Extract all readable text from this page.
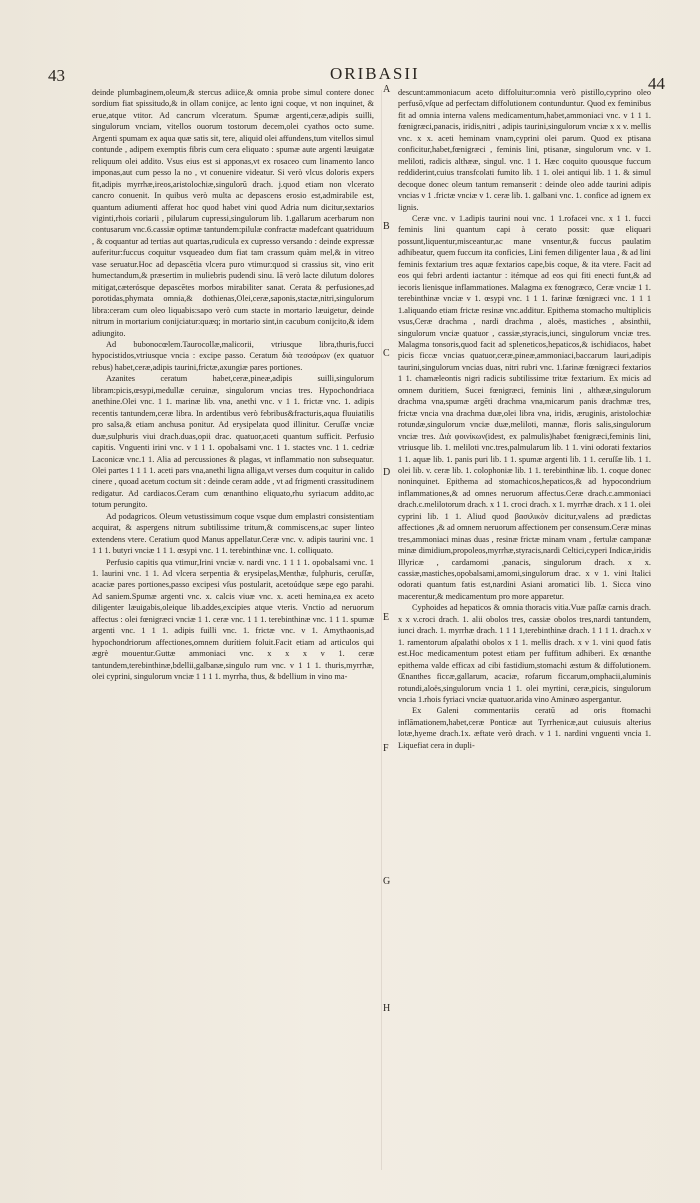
43	ORIBASII
44

deinde plumbaginem,oleum,& stercus adiice,& omnia probe simul contere donec sordium fiat spissitudo,& in ollam conijce, ac lento igni coque, vt non inquinet, & erue,atque vtitor. Ad cancrum vlceratum. Spumæ argenti,ceræ,adipis suilli, singulorum vnciam, vitellos ouorum tostorum decem,olei cyathos octo sume. Argenti spumam ex aqua quæ satis sit, tere, aliquid olei affundens,tum vitellos simul contunde , adipem exemptis fibris cum cera eliquato : spumæ aute argenti læuigatæ reliquum olei addito. Vsus eius est si apponas,vt ex rosaceo cum linamento lanco imponas,aut cum pesso la no , vt conuenire videatur. Si verò vlcus doloris expers fit,adipis myrrhæ,ireos,aristolochiæ,singulorū drach. j.quod etiam non vlcerato cancro conuenit. In quibus verò multa ac depascens erosio est,admirabile est, quantum adiumenti afferat hoc quod habet vini quod Adria num dicitur,sextarios viginti,rhois coriarii , pilularum cupressi,singulorum lib. 1.gallarum acerbarum non contusarum vnc.6.cassiæ optimæ tantundem:pilulæ confractæ madefcant quatriduum , & coquantur ad tertias aut quartas,rudicula ex cupresso versando : deinde expressæ auferitur:fuccus coquitur vsqueadeo dum fiat tam crassum quàm mel,& in vitreo vase seruatur.Hoc ad depascētia vlcera puro vtimur:quod si crassius sit, vino erit humectandum,& præsertim in muliebris pudendi sinu. Iā verò lacte dilutum dolores mitigat,cæterósque depascētes morbos mirabiliter sanat. Cerata & perfusiones,ad porotidas,phymata omnia,& dothienas,Olei,ceræ,saponis,stactæ,nitri,singulorum libra:ceram cum oleo liquabis:sapo verò cum stacte in mortario læuigetur, deinde nitrum in mortarium conijciatur:quæq; in mortario sint,in cacubum conijcito,& idem adiungito.

Ad bubonocœlem.Taurocollæ,malicorii, vtriusque libra,thuris,fucci hypocistidos,vtriusque vncia : excipe passo. Ceratum διὰ τεσσάρων (ex quatuor rebus) habet,ceræ,adipis taurini,frictæ,axungiæ pares portiones.

Azanites ceratum habet,ceræ,pineæ,adipis suilli,singulorum libram:picis,œsypi,medullæ ceruinæ, singulorum vncias tres. Hypochondriaca anethine.Olei vnc. 1 1. marinæ lib. vna, anethi vnc. v 1 1. frictæ vnc. 1. adipis recentis tantundem,ceræ libra. In ardentibus verò febribus&fracturis,aqua fluuiatilis pro salsa,& etiam anchusa ponitur. Ad erysipelata quod illinitur. Ceruſſæ vnciæ duæ,sulphuris viui drach.duas,opii drac. quatuor,aceti quantum sufficit. Perfusio capitis. Vnguenti irini vnc. v 1 1 1. opobalsami vnc. 1 1. stactes vnc. 1 1. cedriæ Laconicæ vnc.1 1. Alia ad percussiones & plagas, vt inflammatio non subsequatur. Olei partes 1 1 1 1. aceti pars vna,anethi ligna alliga,vt verses dum coquitur in calido cinere , quoad acetum coctum sit : deinde ceram adde , vt ad frigmenti crassitudinem redigatur. Ad cardiacos.Ceram cum œnanthino eliquato,rhu syriacum addito,ac totum perungito.

Ad podagricos. Oleum vetustissimum coque vsque dum emplastri consistentiam acquirat, & aspergens nitrum subtilissime tritum,& commiscens,ac super linteo extendens vtere. Ceratium quod Manus appellatur.Ceræ vnc. v. adipis taurini vnc. 1 1 1 1. butyri vnciæ 1 1 1. œsypi vnc. 1 1. terebinthinæ vnc. 1. colliquato.

Perfusio capitis qua vtimur,Irini vnciæ v. nardi vnc. 1 1 1 1. opobalsami vnc. 1 1. laurini vnc. 1 1. Ad vlcera serpentia & erysipelas,Menthæ, fulphuris, ceruſſæ, acaciæ pares portiones,passo excipesi vſus postularit, acetoúdque sæpe ego parahi. Ad saniem.Spumæ argenti vnc. x. calcis viuæ vnc. x. aceti hemina,ea ex aceto diligenter læuigabis,oleique lib.addes,excipies atque vteris. Vnctio ad neruorum affectus : olei fœnigræci vnciæ 1 1. ceræ vnc. 1 1 1. terebinthinæ vnc. 1 1 1. spumæ argenti vnc. 1 1 1. adipis fuilli vnc. 1. frictæ vnc. v 1. Amythaonis,ad hypochondriorum affectiones,omnem durítiem foluit.Facit etiam ad articulos qui ægrè mouentur.Guttæ ammoniaci vnc. x x x v 1. ceræ tantundem,terebinthinæ,bdellii,galbanæ,singulo rum vnc. v 1 1 1. thuris,myrrhæ, olei cyprini, singulorum vnciæ 1 1 1 1. myrrha, thus, & bdellium in vino ma-

A
B
C
D
E
F
G
H

descunt:ammoniacum aceto diffoluitur:omnia verò pistillo,cyprino oleo perfusō,vſque ad perfectam diffolutionem contunduntur. Quod ex feminibus fit ad omnia interna valens medicamentum,habet,ammoniaci vnc. v 1 1 1. fœnigræci,panacis, iridis,nitri , adipis taurini,singulorum vnciæ x x v. mellis vnc. x x. aceti heminam vnam,cyprini olei parum. Quod ex ptisana conficitur,habet,fœnigræci , feminis lini, ptisanæ, singulorum vnc. v 1. meliloti, radicis althææ, singul. vnc. 1 1. Hæc coquito quousque fuccum reddiderint,cuius transfcolati fumito lib. 1 1. olei antiqui lib. 1 1. & simul decoque donec oleum tantum remanserit : deinde oleo adde taurini adipis vncias v 1 .frictæ vnciæ v 1. ceræ lib. 1. galbani vnc. 1. confice ad ignem ex lignis.

Ceræ vnc. v 1.adipis taurini noui vnc. 1 1.rofacei vnc. x 1 1. fucci feminis lini quantum capi à cerato possit: quæ eliquari possunt,liquentur,misceantur,ac mane vnsentur,& fuccus paulatim adhibeatur, quem fuccum ita conficies, Lini femen diligenter laua , & ad lini feminis fextarium tres aquæ fextarios cape,bis coque, & ita vtere. Facit ad eos qui febri ardenti iactantur : itémque ad eos qui fiti enecti funt,& ad iecoris lienisque inflammationes. Malagma ex fœnogræco, Ceræ vnciæ 1 1. terebinthinæ vnciæ v 1. œsypi vnc. 1 1 1. farinæ fœnigræci vnc. 1 1 1 1.aliquando etiam frictæ resinæ vnc.additur. Epithema stomacho multiplicis vsus,Ceræ drachma , nardi drachma , aloës, mastiches , absinthii, singulorum vnciæ quatuor , cassiæ,styracis,iunci, singulorum vnciæ tres. Malagma tonsoris,quod facit ad spleneticos,hepaticos,& ischidiacos, habet picis ficcæ vncias quatuor,ceræ,pineæ,ammoniaci,baccarum lauri,adipis taurini,singulorum vncias duas, nitri rubri vnc. 1.farinæ fœnigræci fextarios 1 1. chamæleontis nigri radicis subtilissime tritæ fextarium. Ex micis ad omnem duritiem, Sucei fœnigræci, feminis lini , althææ,singulorum drachma vna,spumæ argēti drachma vna,micarum panis drachmæ tres, frictæ vncia vna drachma duæ,olei libra vna, iridis, æruginis, aristolochiæ rotundæ,singulorum vnciæ duæ,meliloti, mannæ, floris salis,singulorum vnciæ tres. Διὰ φοινίκων(idest, ex palmulis)habet fœnigræci,feminis lini, vtriusque lib. 1. meliloti vnc.tres,palmularum lib. 1 1. vini odorati fextarios 1 1. aquæ lib. 1. panis puri lib. 1 1. spumæ argenti lib. 1 1. ceruſſæ lib. 1 1. olei lib. v. ceræ lib. 1. colophoniæ lib. 1 1. terebinthinæ lib. 1. coque donec noninquinet. Epithema ad stomachicos,hepaticos,& ad hypocondrium inflammationes,& ad omnes neruorum affectus.Ceræ drach.c.ammoniaci drach.c.melilotorum drach. x 1 1. croci drach. x 1. myrrhæ drach. x 1 1. olei cyprini lib. 1 1. Aliud quod βασιλικὸν dicitur,valens ad prædictas affectiones ,& ad omnem neruorum affectionem per consensum.Ceræ minas tres,ammoniaci minas duas , resinæ frictæ minam vnam , fertulæ campanæ minæ dimidium,propoleos,myrrhæ,styracis,nardi Celtici,cyperi Indicæ,iridis Illyricæ , cardamomi ,panacis, singulorum drach. x x. cassiæ,mastiches,opobalsami,amomi,singulorum drac. x v 1. vini Italici odorati quantum fatis est,nardini Asiani aromatici lib. 1. Sicca vino macerentur,& medicamentum pro more apparetur.

Cyphoides ad hepaticos & omnia thoracis vitia.Vuæ paſſæ carnis drach. x x v.croci drach. 1. alii obolos tres, cassiæ obolos tres,nardi tantundem, iunci drach. 1. myrrhæ drach. 1 1 1 1,terebinthinæ drach. 1 1 1 1. drach.x v 1. ramentorum aſpalathi obolos x 1 1. mellis drach. x v 1. vini quod fatis est.Hoc medicamentum potest etiam per fuffitum adhiberi. Ex œnanthe epithema valde efficax ad cibi fastidium,stomachi æstum & diffolutionem. Œnanthes ficcæ,gallarum, acaciæ, rofarum ficcarum,omphacii,aluminis rotundi,aloës,singulorum vncia 1 1. olei myrtini, ceræ,picis, singulorum vncia 1.rhois fyriaci vnciæ quatuor.arida vino Aminæo aspergantur.

Ex Galeni commentariis ceratū ad oris ftomachi inflāmationem,habet,ceræ Ponticæ aut Tyrrhenicæ,aut cuiusuis alterius lotæ,hyeme drach.1x. æftate verò drach. v 1 1. nardini vnguenti vncia 1. Liquefiat cera in dupli-
